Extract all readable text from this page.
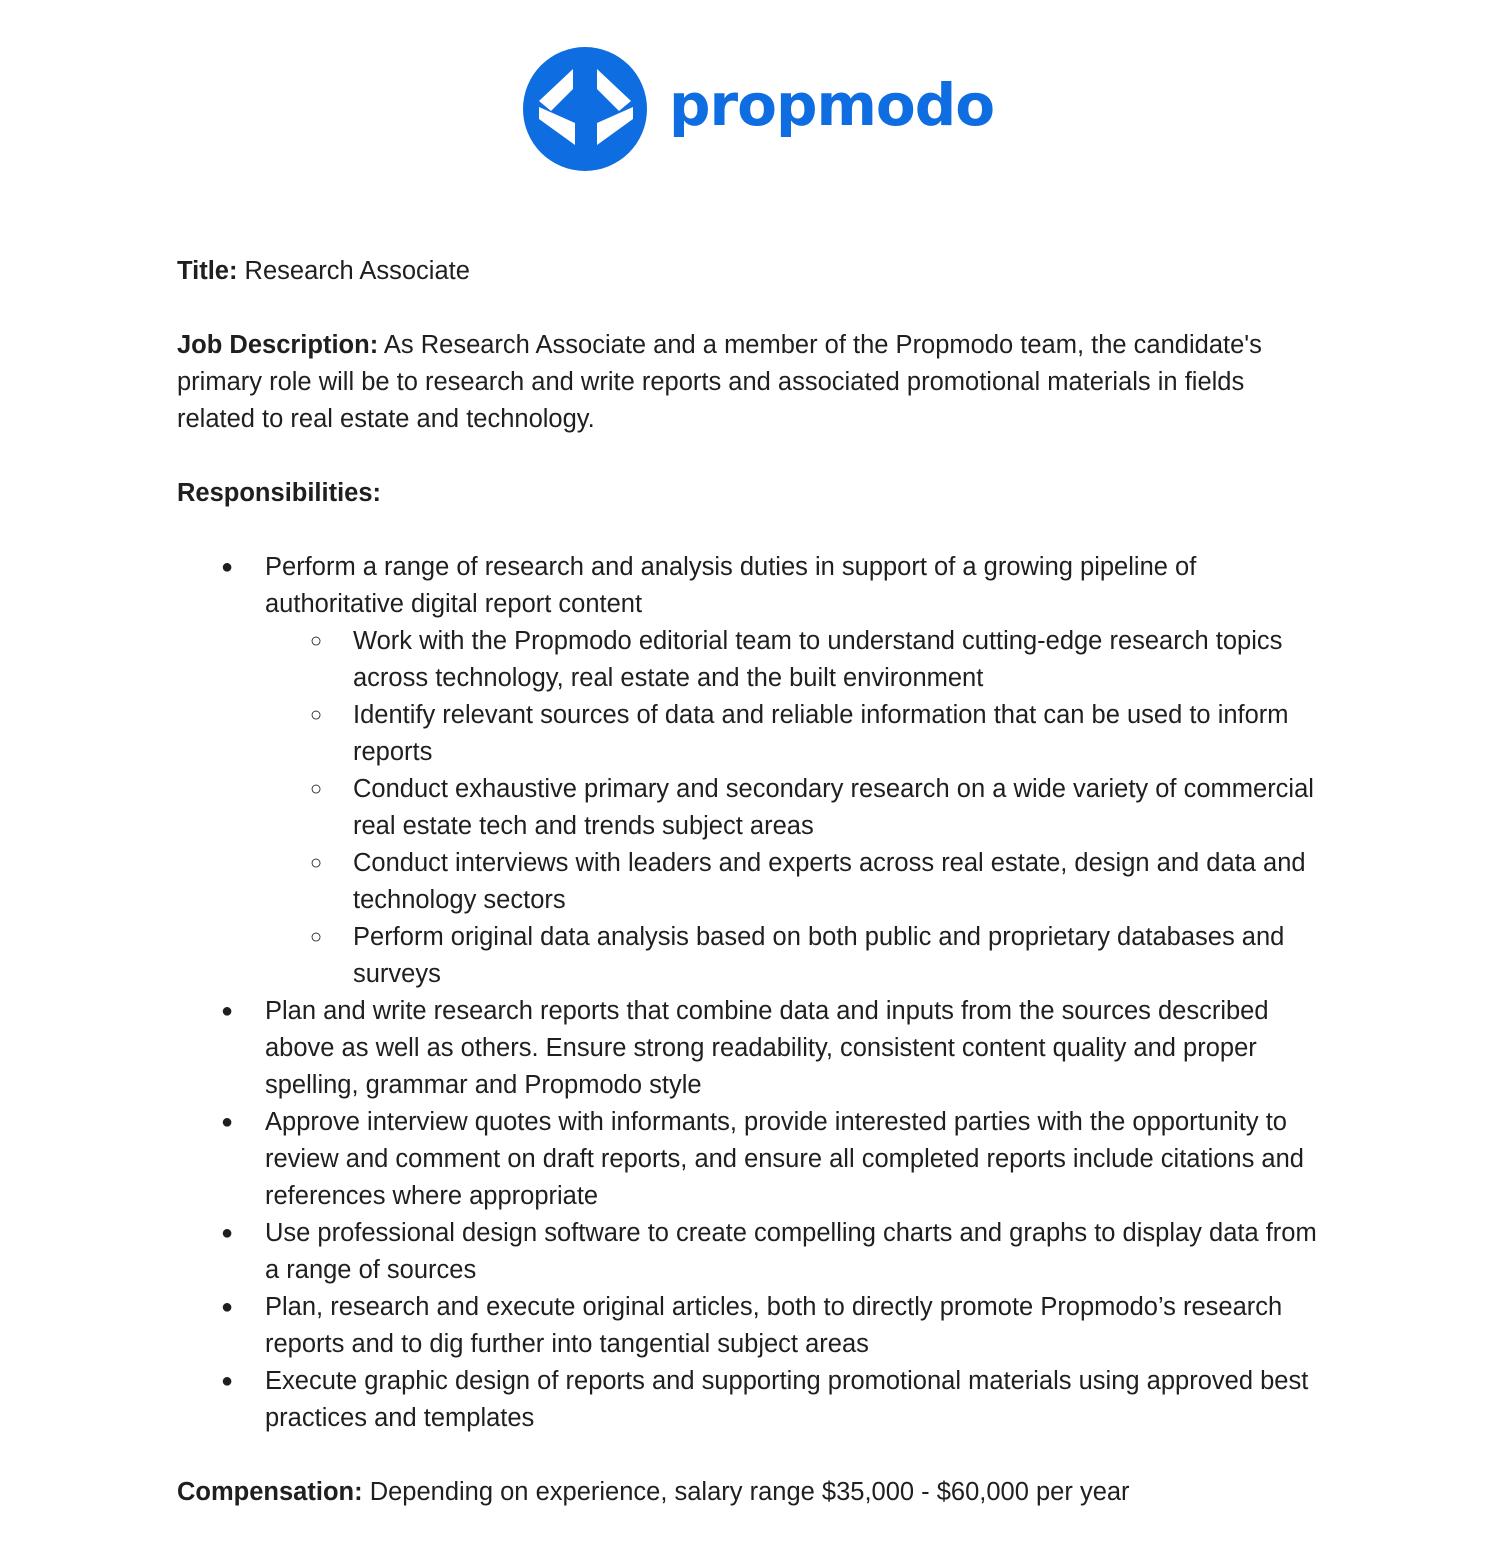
propmodo

Title: Research Associate

Job Description: As Research Associate and a member of the Propmodo team, the candidate's primary role will be to research and write reports and associated promotional materials in fields related to real estate and technology.

Responsibilities:

● Perform a range of research and analysis duties in support of a growing pipeline of authoritative digital report content
○ Work with the Propmodo editorial team to understand cutting-edge research topics across technology, real estate and the built environment
○ Identify relevant sources of data and reliable information that can be used to inform reports
○ Conduct exhaustive primary and secondary research on a wide variety of commercial real estate tech and trends subject areas
○ Conduct interviews with leaders and experts across real estate, design and data and technology sectors
○ Perform original data analysis based on both public and proprietary databases and surveys
● Plan and write research reports that combine data and inputs from the sources described above as well as others. Ensure strong readability, consistent content quality and proper spelling, grammar and Propmodo style
● Approve interview quotes with informants, provide interested parties with the opportunity to review and comment on draft reports, and ensure all completed reports include citations and references where appropriate
● Use professional design software to create compelling charts and graphs to display data from a range of sources
● Plan, research and execute original articles, both to directly promote Propmodo’s research reports and to dig further into tangential subject areas
● Execute graphic design of reports and supporting promotional materials using approved best practices and templates

Compensation: Depending on experience, salary range $35,000 - $60,000 per year
